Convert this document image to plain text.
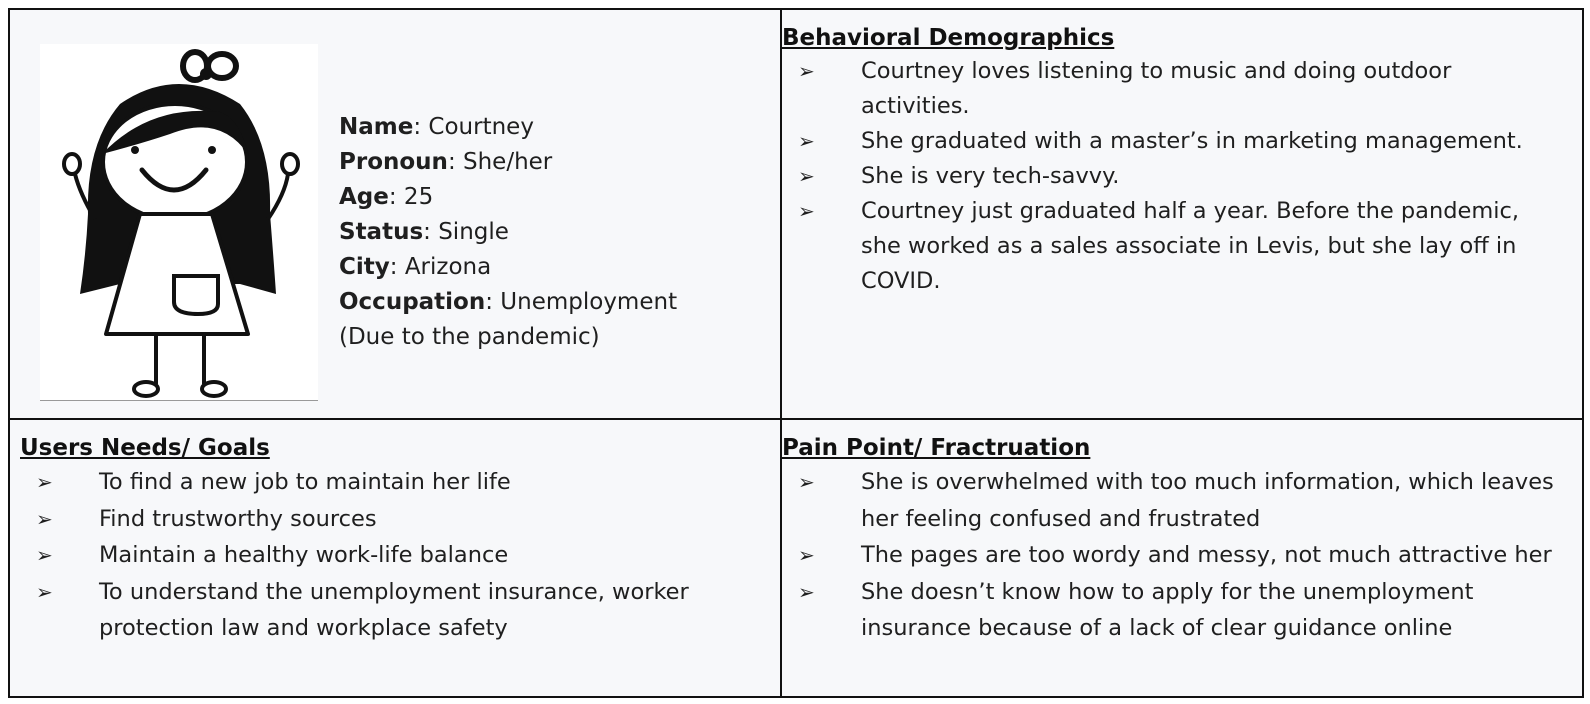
Name: Courtney
Pronoun: She/her
Age: 25
Status: Single
City: Arizona
Occupation: Unemployment
(Due to the pandemic)
Behavioral Demographics
➢ Courtney loves listening to music and doing outdoor activities.
➢ She graduated with a master’s in marketing management.
➢ She is very tech-savvy.
➢ Courtney just graduated half a year. Before the pandemic, she worked as a sales associate in Levis, but she lay off in COVID.
Users Needs/ Goals
➢ To find a new job to maintain her life
➢ Find trustworthy sources
➢ Maintain a healthy work-life balance
➢ To understand the unemployment insurance, worker protection law and workplace safety
Pain Point/ Fractruation
➢ She is overwhelmed with too much information, which leaves her feeling confused and frustrated
➢ The pages are too wordy and messy, not much attractive her
➢ She doesn’t know how to apply for the unemployment insurance because of a lack of clear guidance online
